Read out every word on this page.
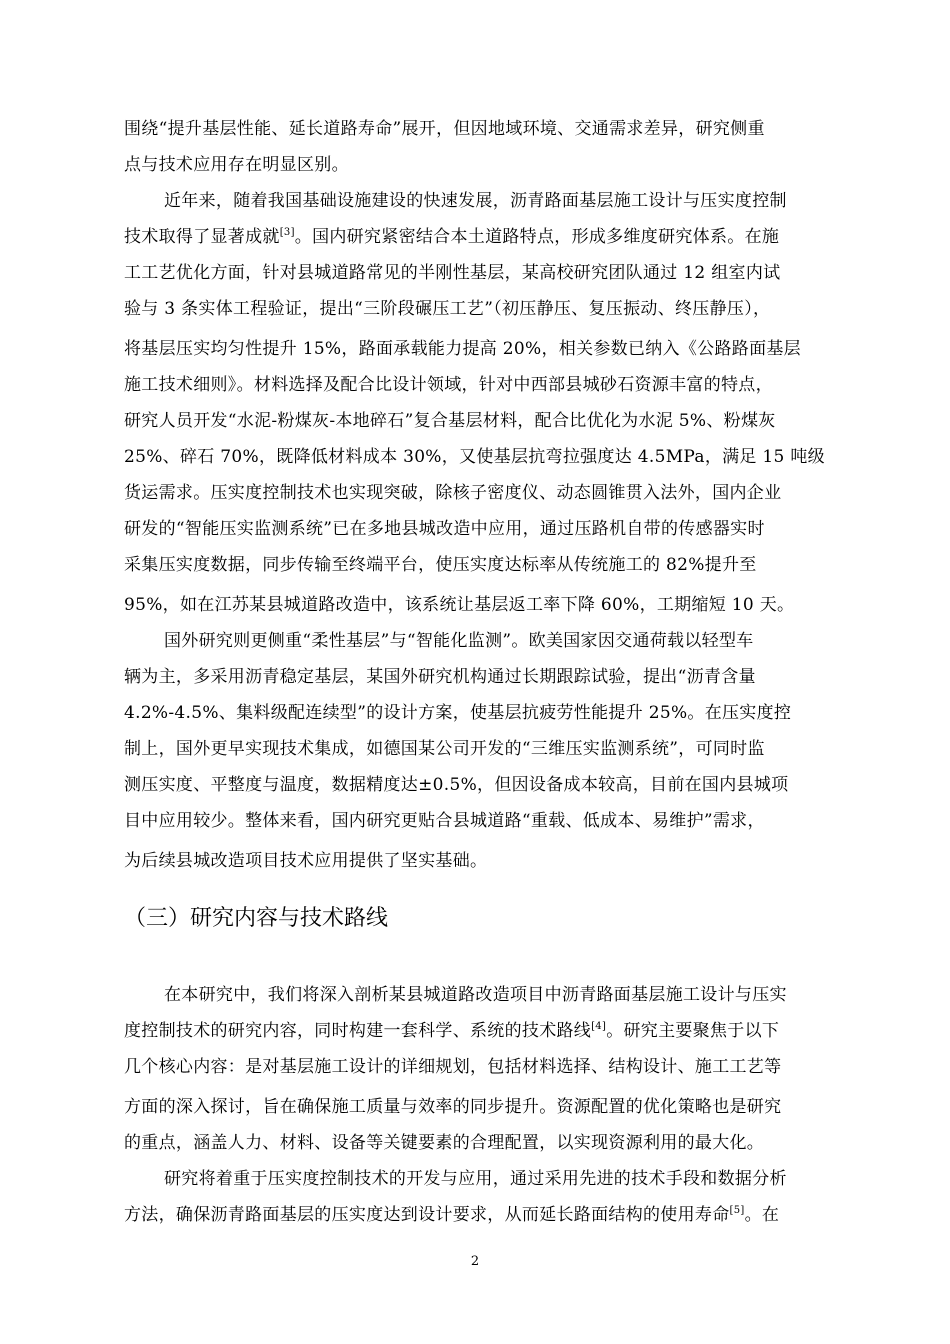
围绕“提升基层性能、延长道路寿命”展开，但因地域环境、交通需求差异，研究侧重
点与技术应用存在明显区别。
近年来，随着我国基础设施建设的快速发展，沥青路面基层施工设计与压实度控制
技术取得了显著成就[3]。国内研究紧密结合本土道路特点，形成多维度研究体系。在施
工工艺优化方面，针对县城道路常见的半刚性基层，某高校研究团队通过 12 组室内试
验与 3 条实体工程验证，提出“三阶段碾压工艺”（初压静压、复压振动、终压静压），
将基层压实均匀性提升 15%，路面承载能力提高 20%，相关参数已纳入《公路路面基层
施工技术细则》。材料选择及配合比设计领域，针对中西部县城砂石资源丰富的特点，
研究人员开发“水泥-粉煤灰-本地碎石”复合基层材料，配合比优化为水泥 5%、粉煤灰
25%、碎石 70%，既降低材料成本 30%，又使基层抗弯拉强度达 4.5MPa，满足 15 吨级
货运需求。压实度控制技术也实现突破，除核子密度仪、动态圆锥贯入法外，国内企业
研发的“智能压实监测系统”已在多地县城改造中应用，通过压路机自带的传感器实时
采集压实度数据，同步传输至终端平台，使压实度达标率从传统施工的 82%提升至
95%，如在江苏某县城道路改造中，该系统让基层返工率下降 60%，工期缩短 10 天。
国外研究则更侧重“柔性基层”与“智能化监测”。欧美国家因交通荷载以轻型车
辆为主，多采用沥青稳定基层，某国外研究机构通过长期跟踪试验，提出“沥青含量
4.2%-4.5%、集料级配连续型”的设计方案，使基层抗疲劳性能提升 25%。在压实度控
制上，国外更早实现技术集成，如德国某公司开发的“三维压实监测系统”，可同时监
测压实度、平整度与温度，数据精度达±0.5%，但因设备成本较高，目前在国内县城项
目中应用较少。整体来看，国内研究更贴合县城道路“重载、低成本、易维护”需求，
为后续县城改造项目技术应用提供了坚实基础。
（三）研究内容与技术路线
在本研究中，我们将深入剖析某县城道路改造项目中沥青路面基层施工设计与压实
度控制技术的研究内容，同时构建一套科学、系统的技术路线[4]。研究主要聚焦于以下
几个核心内容：是对基层施工设计的详细规划，包括材料选择、结构设计、施工工艺等
方面的深入探讨，旨在确保施工质量与效率的同步提升。资源配置的优化策略也是研究
的重点，涵盖人力、材料、设备等关键要素的合理配置，以实现资源利用的最大化。
研究将着重于压实度控制技术的开发与应用，通过采用先进的技术手段和数据分析
方法，确保沥青路面基层的压实度达到设计要求，从而延长路面结构的使用寿命[5]。在
2
